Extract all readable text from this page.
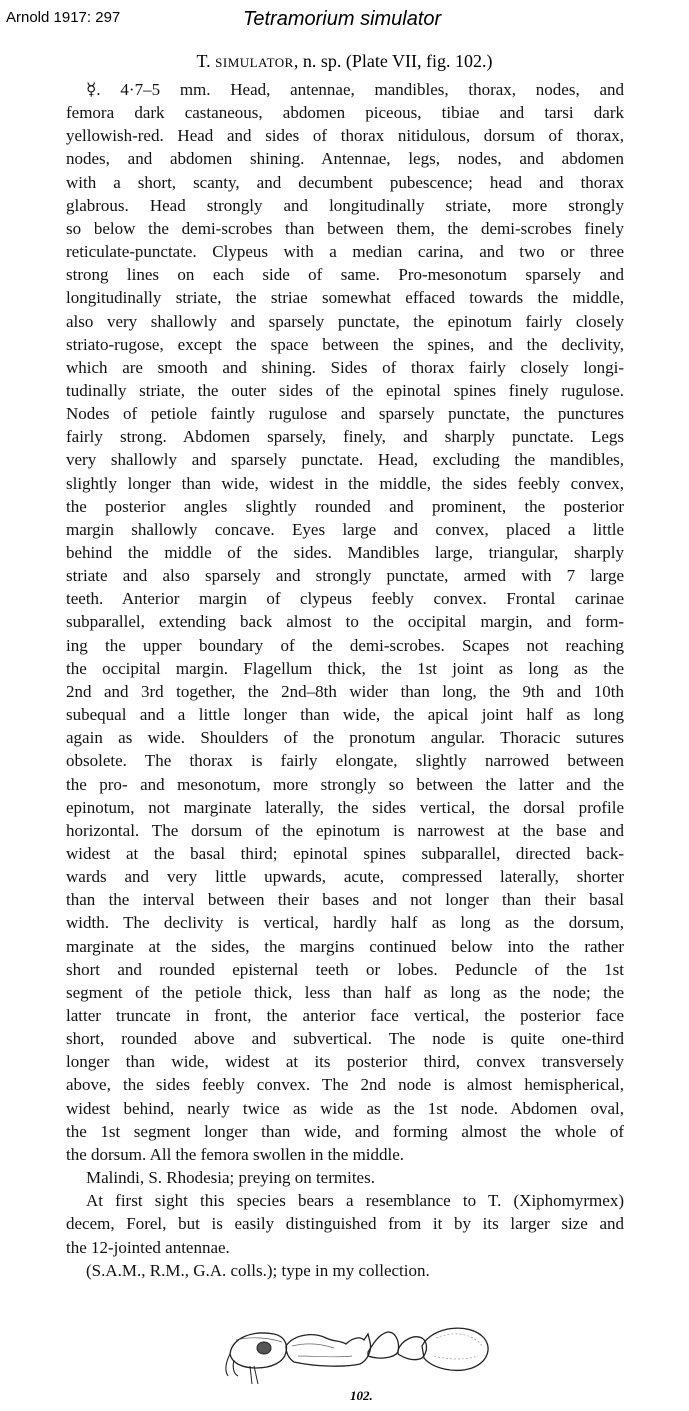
Arnold 1917: 297	Tetramorium simulator
T. simulator, n. sp. (Plate VII, fig. 102.)
☿. 4·7–5 mm. Head, antennae, mandibles, thorax, nodes, and
femora dark castaneous, abdomen piceous, tibiae and tarsi dark
yellowish-red. Head and sides of thorax nitidulous, dorsum of thorax,
nodes, and abdomen shining. Antennae, legs, nodes, and abdomen
with a short, scanty, and decumbent pubescence; head and thorax
glabrous. Head strongly and longitudinally striate, more strongly
so below the demi-scrobes than between them, the demi-scrobes finely
reticulate-punctate. Clypeus with a median carina, and two or three
strong lines on each side of same. Pro-mesonotum sparsely and
longitudinally striate, the striae somewhat effaced towards the middle,
also very shallowly and sparsely punctate, the epinotum fairly closely
striato-rugose, except the space between the spines, and the declivity,
which are smooth and shining. Sides of thorax fairly closely longi-
tudinally striate, the outer sides of the epinotal spines finely rugulose.
Nodes of petiole faintly rugulose and sparsely punctate, the punctures
fairly strong. Abdomen sparsely, finely, and sharply punctate. Legs
very shallowly and sparsely punctate. Head, excluding the mandibles,
slightly longer than wide, widest in the middle, the sides feebly convex,
the posterior angles slightly rounded and prominent, the posterior
margin shallowly concave. Eyes large and convex, placed a little
behind the middle of the sides. Mandibles large, triangular, sharply
striate and also sparsely and strongly punctate, armed with 7 large
teeth. Anterior margin of clypeus feebly convex. Frontal carinae
subparallel, extending back almost to the occipital margin, and form-
ing the upper boundary of the demi-scrobes. Scapes not reaching
the occipital margin. Flagellum thick, the 1st joint as long as the
2nd and 3rd together, the 2nd–8th wider than long, the 9th and 10th
subequal and a little longer than wide, the apical joint half as long
again as wide. Shoulders of the pronotum angular. Thoracic sutures
obsolete. The thorax is fairly elongate, slightly narrowed between
the pro- and mesonotum, more strongly so between the latter and the
epinotum, not marginate laterally, the sides vertical, the dorsal profile
horizontal. The dorsum of the epinotum is narrowest at the base and
widest at the basal third; epinotal spines subparallel, directed back-
wards and very little upwards, acute, compressed laterally, shorter
than the interval between their bases and not longer than their basal
width. The declivity is vertical, hardly half as long as the dorsum,
marginate at the sides, the margins continued below into the rather
short and rounded episternal teeth or lobes. Peduncle of the 1st
segment of the petiole thick, less than half as long as the node; the
latter truncate in front, the anterior face vertical, the posterior face
short, rounded above and subvertical. The node is quite one-third
longer than wide, widest at its posterior third, convex transversely
above, the sides feebly convex. The 2nd node is almost hemispherical,
widest behind, nearly twice as wide as the 1st node. Abdomen oval,
the 1st segment longer than wide, and forming almost the whole of
the dorsum. All the femora swollen in the middle.
Malindi, S. Rhodesia; preying on termites.
At first sight this species bears a resemblance to T. (Xiphomyrmex)
decem, Forel, but is easily distinguished from it by its larger size and
the 12-jointed antennae.
(S.A.M., R.M., G.A. colls.); type in my collection.
102.
